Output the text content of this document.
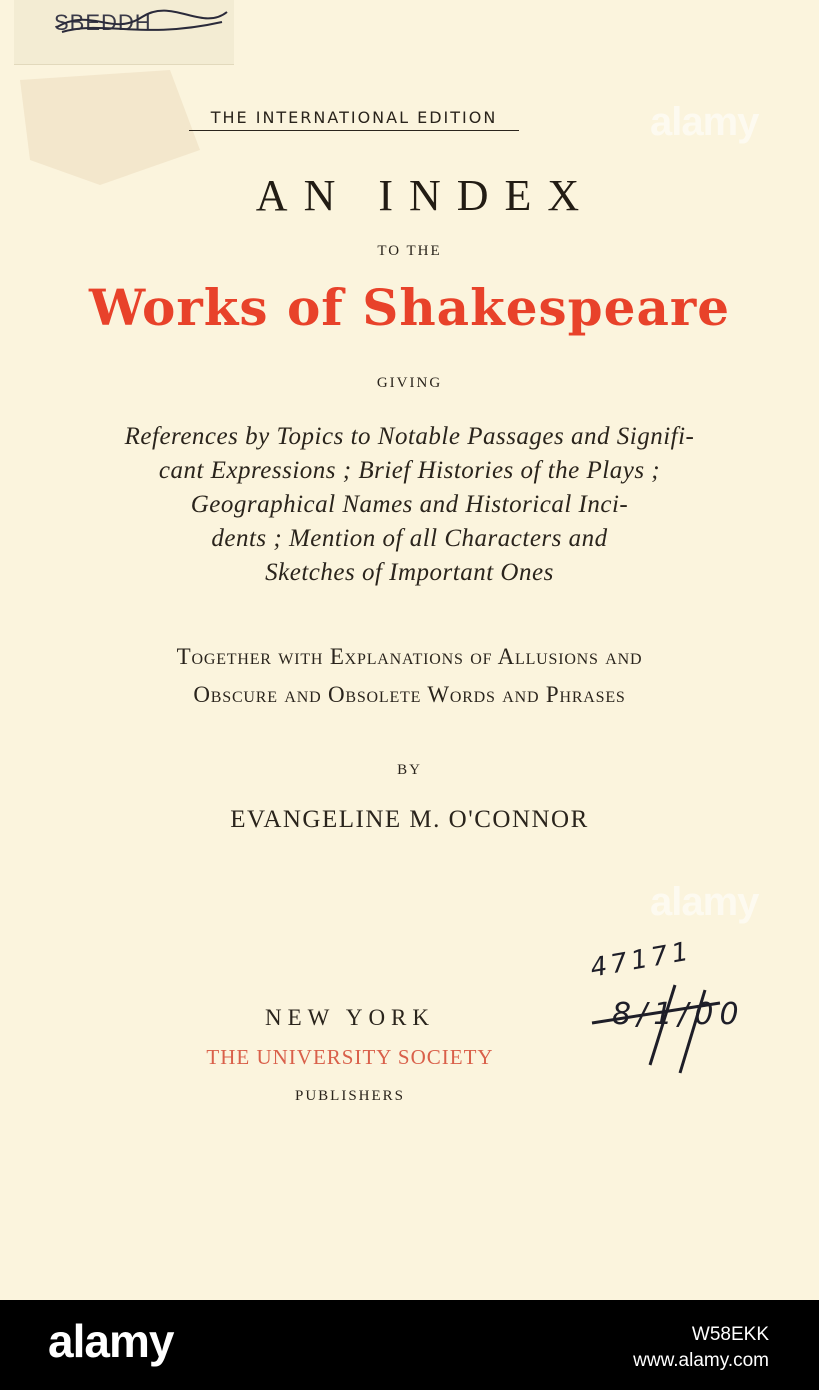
SBEDDH
THE INTERNATIONAL EDITION
AN INDEX
TO THE
Works of Shakespeare
GIVING
References by Topics to Notable Passages and Signifi-
cant Expressions ; Brief Histories of the Plays ;
Geographical Names and Historical Inci-
dents ; Mention of all Characters and
Sketches of Important Ones
Together with Explanations of Allusions and
Obscure and Obsolete Words and Phrases
BY
EVANGELINE M. O'CONNOR
NEW YORK
THE UNIVERSITY SOCIETY
PUBLISHERS
47171
8/1/00
alamy
alamy
alamy	W58EKK
www.alamy.com
